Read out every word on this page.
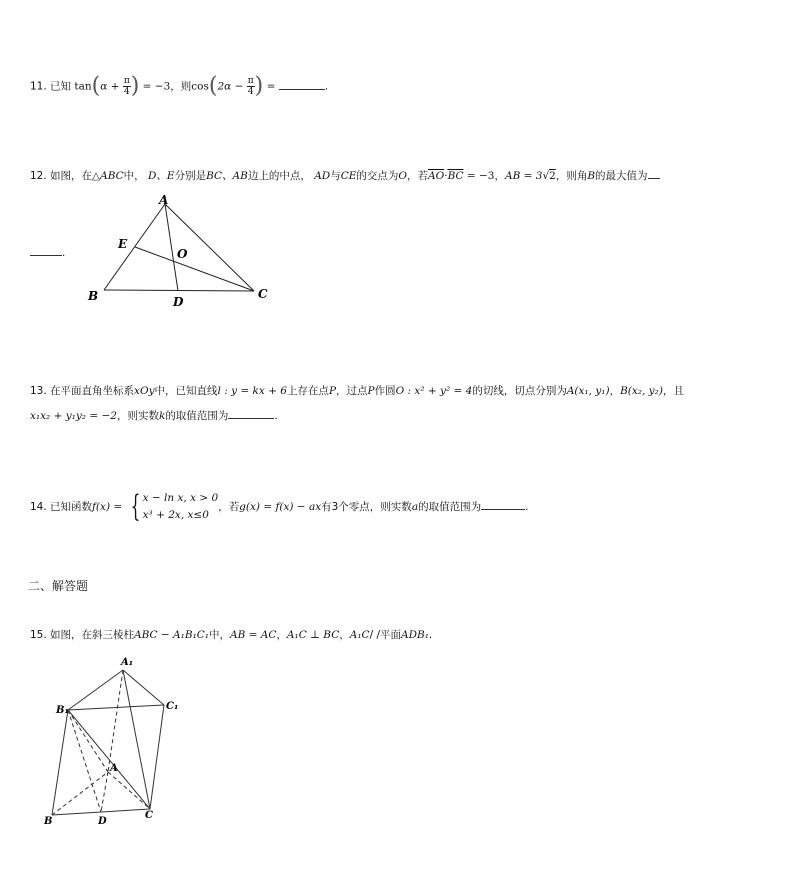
11. 已知 $\tan(\alpha + \frac{\pi}{4}$ ) = −3，则$\cos(2\alpha - \frac{\pi}{4}$ ) =	.
12. 如图，在△ABC中， D、E分别是BC、AB边上的中点， AD与CE的交点为O，若$\overline{AO}\cdot\overline{BC} = -3$，AB = 3√2，则角B的最大值为
.
A
B	C
D
E
O
13. 在平面直角坐标系xOy中，已知直线l : y = kx + 6上存在点P，过点P作圆O : x² + y² = 4的切线，切点分别为A(x₁, y₁)，B(x₂, y₂)，且
x₁x₂ + y₁y₂ = −2，则实数k的取值范围为	.
14. 已知函数f(x) = { x − ln x, x > 0
x³ + 2x, x≤0
，若g(x) = f(x) − ax有3个零点，则实数a的取值范围为	.
二、解答题
15. 如图，在斜三棱柱ABC − A₁B₁C₁中，AB = AC，A₁C ⊥ BC，A₁C/ /平面ADB₁.
A₁
B₁	C₁
A
B
C
D
